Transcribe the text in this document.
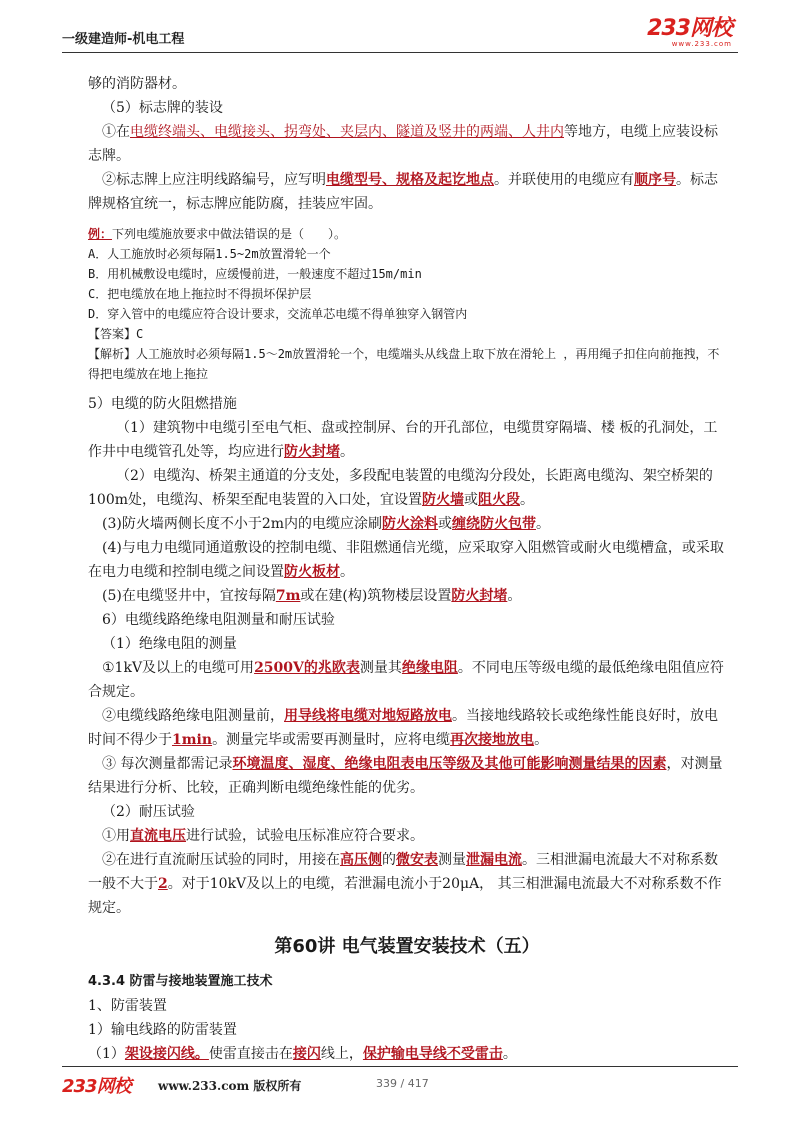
一级建造师-机电工程	233网校
www.233.com

够的消防器材。

（5）标志牌的装设

①在电缆终端头、电缆接头、拐弯处、夹层内、隧道及竖井的两端、人井内等地方，电缆上应装设标志牌。

②标志牌上应注明线路编号，应写明电缆型号、规格及起讫地点。并联使用的电缆应有顺序号。标志牌规格宜统一，标志牌应能防腐，挂装应牢固。

例：下列电缆施放要求中做法错误的是（　　）。

A．人工施放时必须每隔1.5~2m放置滑轮一个

B．用机械敷设电缆时，应缓慢前进，一般速度不超过15m/min

C．把电缆放在地上拖拉时不得损坏保护层

D．穿入管中的电缆应符合设计要求，交流单芯电缆不得单独穿入钢管内

【答案】C

【解析】人工施放时必须每隔1.5～2m放置滑轮一个，电缆端头从线盘上取下放在滑轮上 ，再用绳子扣住向前拖拽，不得把电缆放在地上拖拉

5）电缆的防火阻燃措施

（1）建筑物中电缆引至电气柜、盘或控制屏、台的开孔部位，电缆贯穿隔墙、楼 板的孔洞处，工作井中电缆管孔处等，均应进行防火封堵。

（2）电缆沟、桥架主通道的分支处，多段配电装置的电缆沟分段处，长距离电缆沟、架空桥架的100m处，电缆沟、桥架至配电装置的入口处，宜设置防火墙或阻火段。

(3)防火墙两侧长度不小于2m内的电缆应涂刷防火涂料或缠绕防火包带。

(4)与电力电缆同通道敷设的控制电缆、非阻燃通信光缆，应采取穿入阻燃管或耐火电缆槽盒，或采取在电力电缆和控制电缆之间设置防火板材。

(5)在电缆竖井中，宜按每隔7m或在建(构)筑物楼层设置防火封堵。

6）电缆线路绝缘电阻测量和耐压试验

（1）绝缘电阻的测量

①1kV及以上的电缆可用2500V的兆欧表测量其绝缘电阻。不同电压等级电缆的最低绝缘电阻值应符合规定。

②电缆线路绝缘电阻测量前，用导线将电缆对地短路放电。当接地线路较长或绝缘性能良好时，放电时间不得少于1min。测量完毕或需要再测量时，应将电缆再次接地放电。

③ 每次测量都需记录环境温度、湿度、绝缘电阻表电压等级及其他可能影响测量结果的因素，对测量结果进行分析、比较，正确判断电缆绝缘性能的优劣。

（2）耐压试验

①用直流电压进行试验，试验电压标准应符合要求。

②在进行直流耐压试验的同时，用接在高压侧的微安表测量泄漏电流。三相泄漏电流最大不对称系数一般不大于2。对于10kV及以上的电缆，若泄漏电流小于20μA， 其三相泄漏电流最大不对称系数不作规定。

第60讲 电气装置安装技术（五）

4.3.4 防雷与接地装置施工技术

1、防雷装置

1）输电线路的防雷装置

（1）架设接闪线。使雷直接击在接闪线上，保护输电导线不受雷击。

233网校 www.233.com 版权所有	339 / 417
